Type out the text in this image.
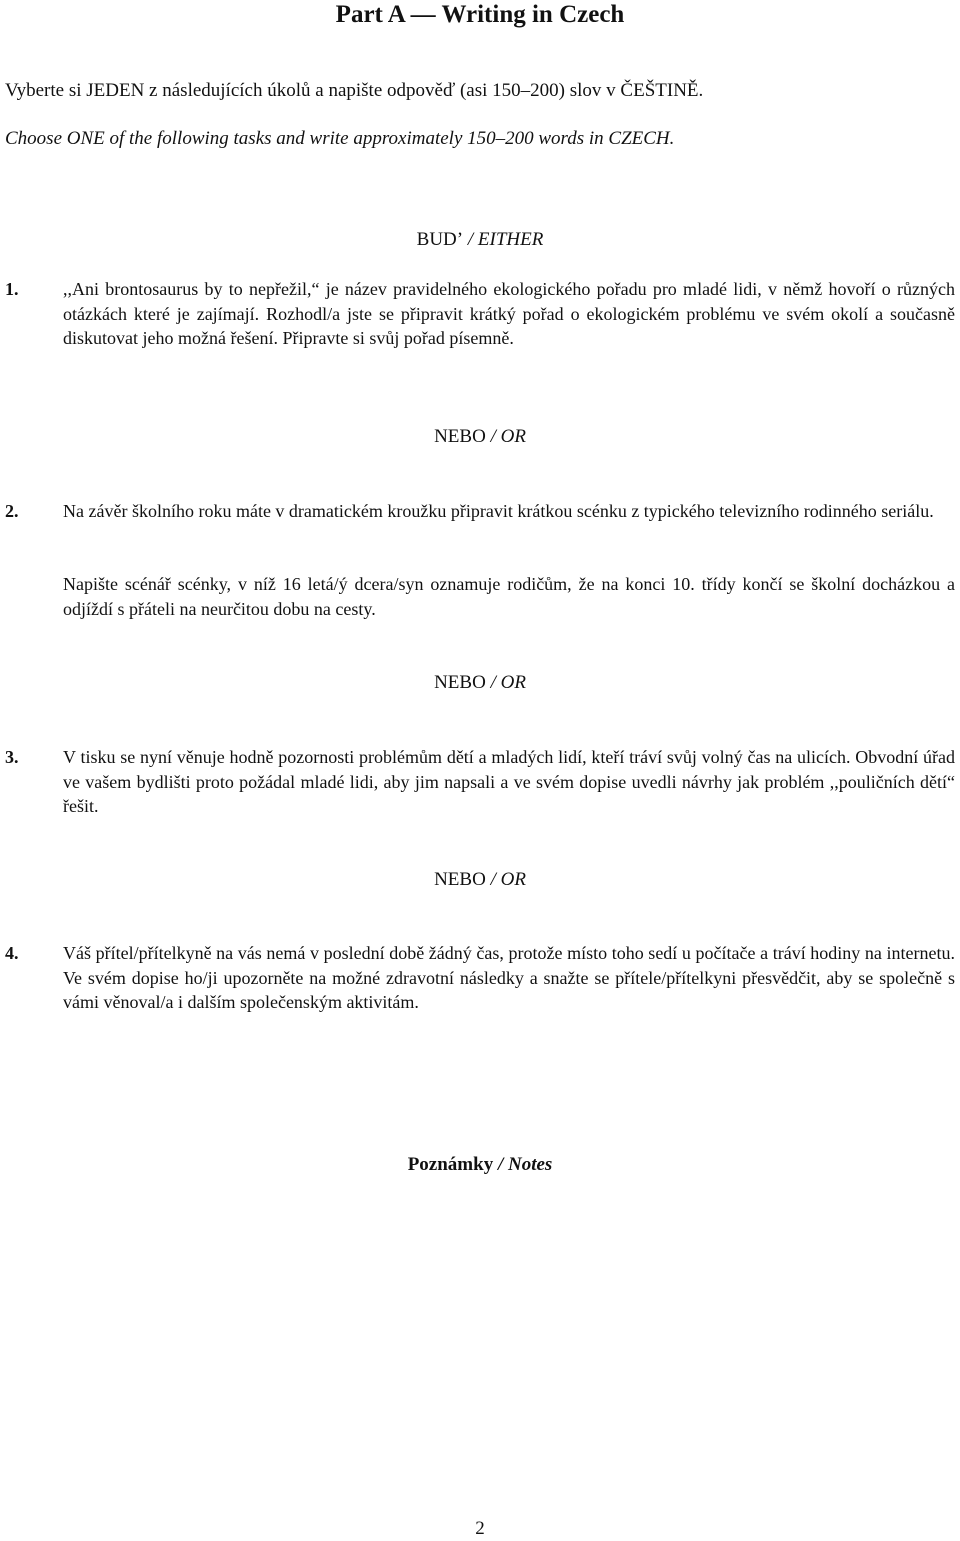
Part A — Writing in Czech
Vyberte si JEDEN z následujících úkolů a napište odpověď (asi 150–200) slov v ČEŠTINĚ.
Choose ONE of the following tasks and write approximately 150–200 words in CZECH.
BUD’ / EITHER
1. ,,Ani brontosaurus by to nepřežil,“ je název pravidelného ekologického pořadu pro mladé lidi, v němž hovoří o různých otázkách které je zajímají. Rozhodl/a jste se připravit krátký pořad o ekologickém problému ve svém okolí a současně diskutovat jeho možná řešení. Připravte si svůj pořad písemně.
NEBO / OR
2. Na závěr školního roku máte v dramatickém kroužku připravit krátkou scénku z typického televizního rodinného seriálu.
Napište scénář scénky, v níž 16 letá/ý dcera/syn oznamuje rodičům, že na konci 10. třídy končí se školní docházkou a odjíždí s přáteli na neurčitou dobu na cesty.
NEBO / OR
3. V tisku se nyní věnuje hodně pozornosti problémům dětí a mladých lidí, kteří tráví svůj volný čas na ulicích. Obvodní úřad ve vašem bydlišti proto požádal mladé lidi, aby jim napsali a ve svém dopise uvedli návrhy jak problém ,,pouličních dětí“ řešit.
NEBO / OR
4. Váš přítel/přítelkyně na vás nemá v poslední době žádný čas, protože místo toho sedí u počítače a tráví hodiny na internetu. Ve svém dopise ho/ji upozorněte na možné zdravotní následky a snažte se přítele/přítelkyni přesvědčit, aby se společně s vámi věnoval/a i dalším společenským aktivitám.
Poznámky / Notes
2
